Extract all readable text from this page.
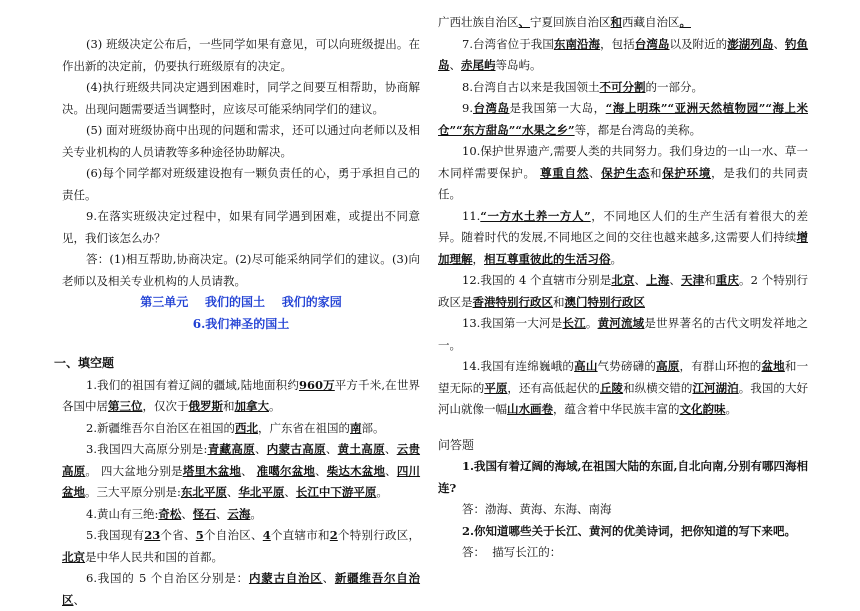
(3) 班级决定公布后，一些同学如果有意见，可以向班级提出。在作出新的决定前，仍要执行班级原有的决定。

(4)执行班级共同决定遇到困难时，同学之间要互相帮助，协商解决。出现问题需要适当调整时，应该尽可能采纳同学们的建议。

(5) 面对班级协商中出现的问题和需求，还可以通过向老师以及相关专业机构的人员请教等多种途径协助解决。

(6)每个同学都对班级建设抱有一颗负责任的心，勇于承担自己的责任。

9.在落实班级决定过程中，如果有同学遇到困难，或提出不同意见，我们该怎么办？

答：(1)相互帮助,协商决定。(2)尽可能采纳同学们的建议。(3)向老师以及相关专业机构的人员请教。

第三单元    我们的国土    我们的家园

6.我们神圣的国土

一、填空题

1.我们的祖国有着辽阔的疆域,陆地面积约960万平方千米,在世界各国中居第三位，仅次于俄罗斯和加拿大。

2.新疆维吾尔自治区在祖国的西北，广东省在祖国的南部。

3.我国四大高原分别是:青藏高原、内蒙古高原、黄土高原、云贵高原。 四大盆地分别是塔里木盆地、 准噶尔盆地、柴达木盆地、四川盆地。三大平原分别是:东北平原、华北平原、长江中下游平原。

4.黄山有三绝:奇松、怪石、云海。

5.我国现有23个省、5个自治区、4个直辖市和2个特别行政区，北京是中华人民共和国的首都。

6.我国的 5 个自治区分别是：内蒙古自治区、新疆维吾尔自治区、

广西壮族自治区、宁夏回族自治区和西藏自治区。

7.台湾省位于我国东南沿海，包括台湾岛以及附近的澎湖列岛、钓鱼岛、赤尾屿等岛屿。

8.台湾自古以来是我国领土不可分割的一部分。

9.台湾岛是我国第一大岛，“海上明珠”“亚洲天然植物园”“海上米仓”“东方甜岛”“水果之乡”等，都是台湾岛的美称。

10.保护世界遗产,需要人类的共同努力。我们身边的一山一水、草一木同样需要保护。 尊重自然、保护生态和保护环境，是我们的共同责任。

11.“一方水土养一方人”，不同地区人们的生产生活有着很大的差异。随着时代的发展,不同地区之间的交往也越来越多,这需要人们持续增加理解，相互尊重彼此的生活习俗。

12.我国的 4 个直辖市分别是北京、上海、天津和重庆。2 个特别行政区是香港特别行政区和澳门特别行政区

13.我国第一大河是长江。黄河流域是世界著名的古代文明发祥地之一。

14.我国有连绵巍峨的高山气势磅礴的高原，有群山环抱的盆地和一望无际的平原，还有高低起伏的丘陵和纵横交错的江河湖泊。我国的大好河山就像一幅山水画卷，蕴含着中华民族丰富的文化韵味。

问答题

1.我国有着辽阔的海域,在祖国大陆的东面,自北向南,分别有哪四海相连?

答：渤海、黄海、东海、南海

2.你知道哪些关于长江、黄河的优美诗词，把你知道的写下来吧。

答：  描写长江的：
